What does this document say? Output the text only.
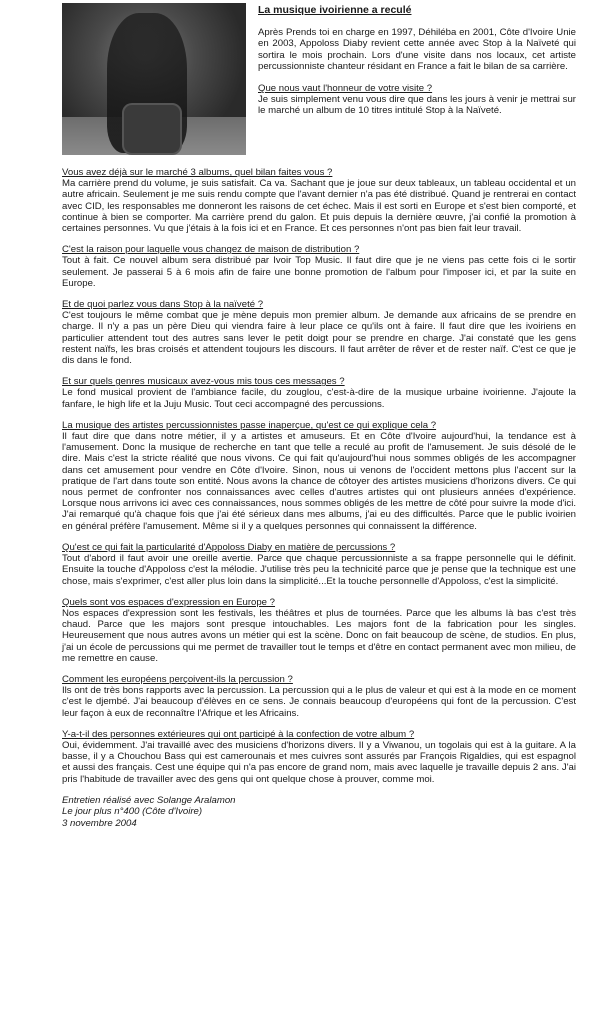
La musique ivoirienne a reculé

Après Prends toi en charge en 1997, Déhiléba en 2001, Côte d'Ivoire Unie en 2003, Appoloss Diaby revient cette année avec Stop à la Naïveté qui sortira le mois prochain. Lors d'une visite dans nos locaux, cet artiste percussionniste chanteur résidant en France a fait le bilan de sa carrière.

Que nous vaut l'honneur de votre visite ?

Je suis simplement venu vous dire que dans les jours à venir je mettrai sur le marché un album de 10 titres intitulé Stop à la Naïveté.

Vous avez déjà sur le marché 3 albums, quel bilan faites vous ?

Ma carrière prend du volume, je suis satisfait. Ca va. Sachant que je joue sur deux tableaux, un tableau occidental et un autre africain. Seulement je me suis rendu compte que l'avant dernier n'a pas été distribué. Quand je rentrerai en contact avec CID, les responsables me donneront les raisons de cet échec. Mais il est sorti en Europe et s'est bien comporté, et continue à bien se comporter. Ma carrière prend du galon. Et puis depuis la dernière œuvre, j'ai confié la promotion à certaines personnes. Vu que j'étais à la fois ici et en France. Et ces personnes n'ont pas bien fait leur travail.

C'est la raison pour laquelle vous changez de maison de distribution ?

Tout à fait. Ce nouvel album sera distribué par Ivoir Top Music. Il faut dire que je ne viens pas cette fois ci le sortir seulement. Je passerai 5 à 6 mois afin de faire une bonne promotion de l'album pour l'imposer ici, et par la suite en Europe.

Et de quoi parlez vous dans Stop à la naïveté ?

C'est toujours le même combat que je mène depuis mon premier album. Je demande aux africains de se prendre en charge. Il n'y a pas un père Dieu qui viendra faire à leur place ce qu'ils ont à faire. Il faut dire que les ivoiriens en particulier attendent tout des autres sans lever le petit doigt pour se prendre en charge. J'ai constaté que les gens restent naïfs, les bras croisés et attendent toujours les discours. Il faut arrêter de rêver et de rester naïf. C'est ce que je dis dans le fond.

Et sur quels genres musicaux avez-vous mis tous ces messages ?

Le fond musical provient de l'ambiance facile, du zouglou, c'est-à-dire de la musique urbaine ivoirienne. J'ajoute la fanfare, le high life et la Juju Music. Tout ceci accompagné des percussions.

La musique des artistes percussionnistes passe inaperçue, qu'est ce qui explique cela ?

Il faut dire que dans notre métier, il y a artistes et amuseurs. Et en Côte d'Ivoire aujourd'hui, la tendance est à l'amusement. Donc la musique de recherche en tant que telle a reculé au profit de l'amusement. Je suis désolé de le dire. Mais c'est la stricte réalité que nous vivons. Ce qui fait qu'aujourd'hui nous sommes obligés de les accompagner dans cet amusement pour vendre en Côte d'Ivoire. Sinon, nous ui venons de l'occident mettons plus l'accent sur la pratique de l'art dans toute son entité. Nous avons la chance de côtoyer des artistes musiciens d'horizons divers. Ce qui nous permet de confronter nos connaissances avec celles d'autres artistes qui ont plusieurs années d'expérience. Lorsque nous arrivons ici avec ces connaissances, nous sommes obligés de les mettre de côté pour suivre la mode d'ici. J'ai remarqué qu'à chaque fois que j'ai été sérieux dans mes albums, j'ai eu des difficultés. Parce que le public ivoirien en général préfère l'amusement. Même si il y a quelques personnes qui connaissent la différence.

Qu'est ce qui fait la particularité d'Appoloss Diaby en matière de percussions ?

Tout d'abord il faut avoir une oreille avertie. Parce que chaque percussionniste a sa frappe personnelle qui le définit. Ensuite la touche d'Appoloss c'est la mélodie. J'utilise très peu la technicité parce que je pense que la technique est une chose, mais s'exprimer, c'est aller plus loin dans la simplicité...Et la touche personnelle d'Appoloss, c'est la simplicité.

Quels sont vos espaces d'expression en Europe ?

Nos espaces d'expression sont les festivals, les théâtres et plus de tournées. Parce que les albums là bas c'est très chaud. Parce que les majors sont presque intouchables. Les majors font de la fabrication pour les singles. Heureusement que nous autres avons un métier qui est la scène. Donc on fait beaucoup de scène, de studios. En plus, j'ai un école de percussions qui me permet de travailler tout le temps et d'être en contact permanent avec mon milieu, de me remettre en cause.

Comment les européens perçoivent-ils la percussion ?

Ils ont de très bons rapports avec la percussion. La percussion qui a le plus de valeur et qui est à la mode en ce moment c'est le djembé. J'ai beaucoup d'élèves en ce sens. Je connais beaucoup d'européens qui font de la percussion. C'est leur façon à eux de reconnaître l'Afrique et les Africains.

Y-a-t-il des personnes extérieures qui ont participé à la confection de votre album ?

Oui, évidemment. J'ai travaillé avec des musiciens d'horizons divers. Il y a Viwanou, un togolais qui est à la guitare. A la basse, il y a Chouchou Bass qui est camerounais et mes cuivres sont assurés par François Rigaldies, qui est espagnol et aussi des français. Cest une équipe qui n'a pas encore de grand nom, mais avec laquelle je travaille depuis 2 ans. J'ai pris l'habitude de travailler avec des gens qui ont quelque chose à prouver, comme moi.

Entretien réalisé avec Solange Aralamon

Le jour plus n°400 (Côte d'Ivoire)

3 novembre 2004
